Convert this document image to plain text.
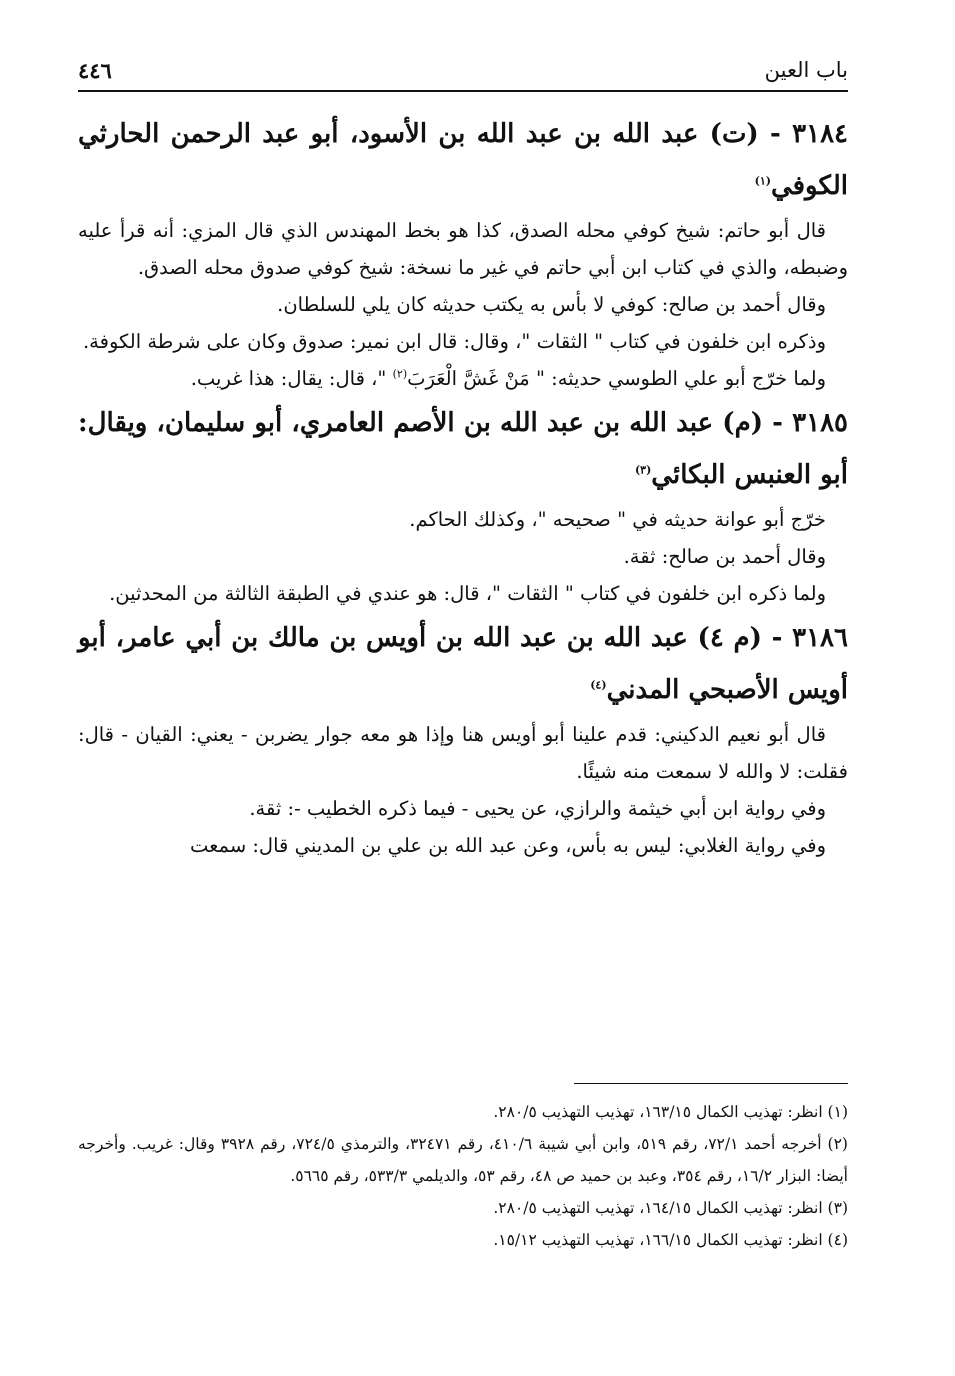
باب العين
٤٤٦

٣١٨٤ - (ت) عبد الله بن عبد الله بن الأسود، أبو عبد الرحمن الحارثي الكوفي$^{(١)}$

قال أبو حاتم: شيخ كوفي محله الصدق، كذا هو بخط المهندس الذي قال المزي: أنه قرأ عليه وضبطه، والذي في كتاب ابن أبي حاتم في غير ما نسخة: شيخ كوفي صدوق محله الصدق.

وقال أحمد بن صالح: كوفي لا بأس به يكتب حديثه كان يلي للسلطان.

وذكره ابن خلفون في كتاب " الثقات "، وقال: قال ابن نمير: صدوق وكان على شرطة الكوفة.

ولما خرّج أبو علي الطوسي حديثه: " مَنْ غَشَّ الْعَرَبَ$^{(٢)}$ "، قال: يقال: هذا غريب.

٣١٨٥ - (م) عبد الله بن عبد الله بن الأصم العامري، أبو سليمان، ويقال: أبو العنبس البكائي$^{(٣)}$

خرّج أبو عوانة حديثه في " صحيحه "، وكذلك الحاكم.

وقال أحمد بن صالح: ثقة.

ولما ذكره ابن خلفون في كتاب " الثقات "، قال: هو عندي في الطبقة الثالثة من المحدثين.

٣١٨٦ - (م ٤) عبد الله بن عبد الله بن أويس بن مالك بن أبي عامر، أبو أويس الأصبحي المدني$^{(٤)}$

قال أبو نعيم الدكيني: قدم علينا أبو أويس هنا وإذا هو معه جوار يضربن - يعني: القيان - قال: فقلت: لا والله لا سمعت منه شيئًا.

وفي رواية ابن أبي خيثمة والرازي، عن يحيى - فيما ذكره الخطيب -: ثقة.

وفي رواية الغلابي: ليس به بأس، وعن عبد الله بن علي بن المديني قال: سمعت

(١) انظر: تهذيب الكمال ١٦٣/١٥، تهذيب التهذيب ٢٨٠/٥.

(٢) أخرجه أحمد ٧٢/١، رقم ٥١٩، وابن أبي شيبة ٤١٠/٦، رقم ٣٢٤٧١، والترمذي ٧٢٤/٥، رقم ٣٩٢٨ وقال: غريب. وأخرجه أيضا: البزار ١٦/٢، رقم ٣٥٤، وعبد بن حميد ص ٤٨، رقم ٥٣، والديلمي ٥٣٣/٣، رقم ٥٦٦٥.

(٣) انظر: تهذيب الكمال ١٦٤/١٥، تهذيب التهذيب ٢٨٠/٥.

(٤) انظر: تهذيب الكمال ١٦٦/١٥، تهذيب التهذيب ١٥/١٢.
